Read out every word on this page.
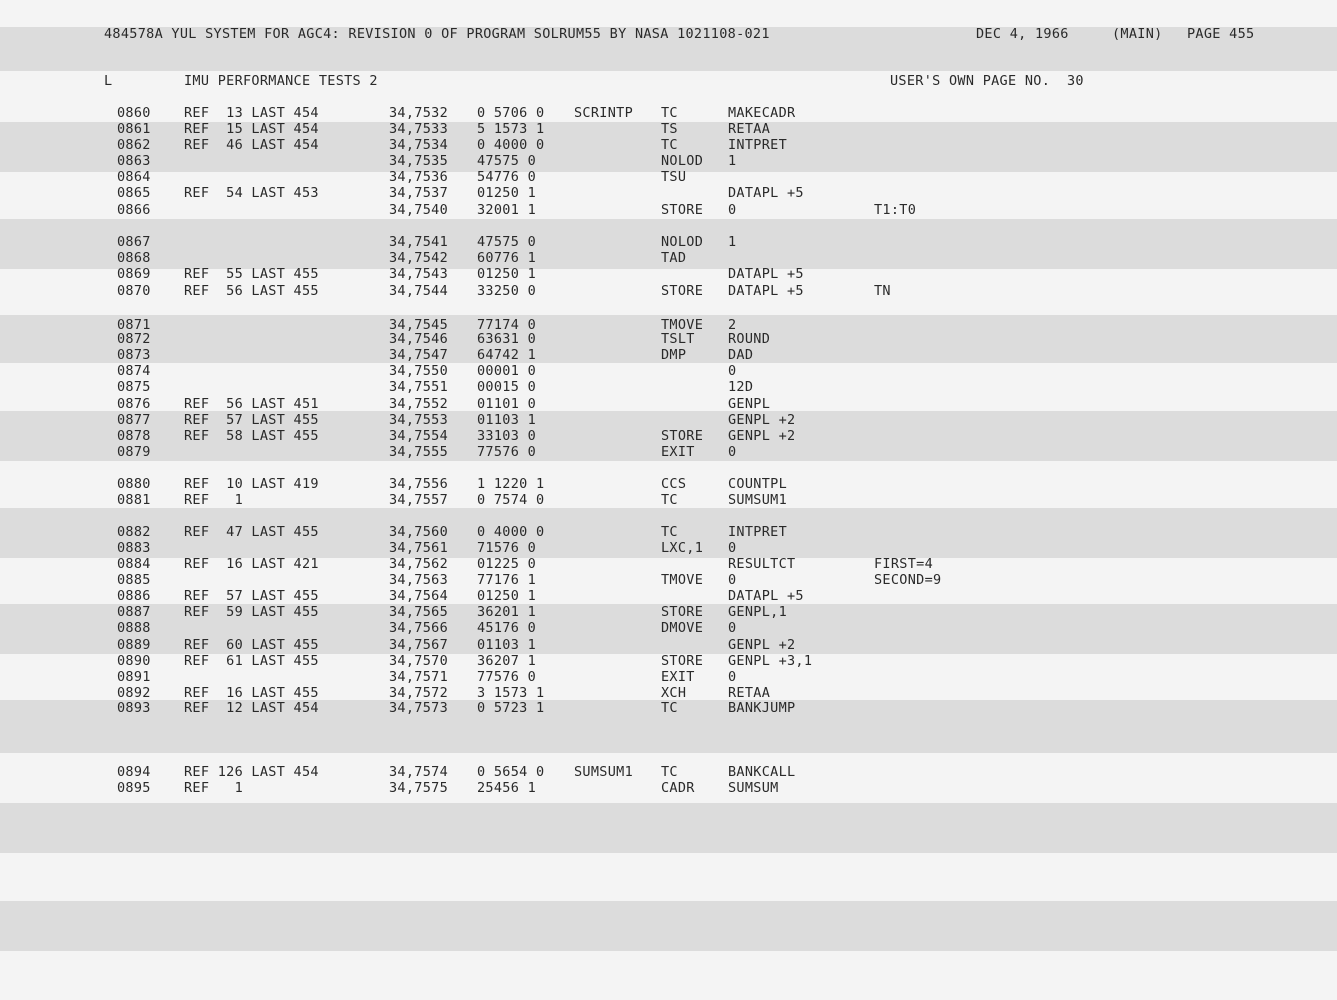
484578A YUL SYSTEM FOR AGC4: REVISION 0 OF PROGRAM SOLRUM55 BY NASA 1021108-021

	DEC 4, 1966

	(MAIN)

PAGE 455

L

	IMU PERFORMANCE TESTS 2

	USER'S OWN PAGE NO.  30

0860 REF  13 LAST 454	34,7532 0 5706 0 SCRINTP TC	MAKECADR
0861 REF  15 LAST 454	34,7533 5 1573 1	TS	RETAA
0862 REF  46 LAST 454	34,7534 0 4000 0	TC	INTPRET
0863	34,7535 47575 0	NOLOD 1
0864	34,7536 54776 0	TSU
0865 REF  54 LAST 453	34,7537 01250 1	DATAPL +5
0866	34,7540 32001 1	STORE 0	T1:T0
0867	34,7541 47575 0	NOLOD 1
0868	34,7542 60776 1	TAD
0869 REF  55 LAST 455	34,7543 01250 1	DATAPL +5
0870 REF  56 LAST 455	34,7544 33250 0	STORE DATAPL +5	TN
0871	34,7545 77174 0	TMOVE 2
0872	34,7546 63631 0	TSLT ROUND
0873	34,7547 64742 1	DMP	DAD
0874	34,7550 00001 0	0
0875	34,7551 00015 0	12D
0876 REF  56 LAST 451	34,7552 01101 0	GENPL
0877 REF  57 LAST 455	34,7553 01103 1	GENPL +2
0878 REF  58 LAST 455	34,7554 33103 0	STORE GENPL +2
0879	34,7555 77576 0	EXIT 0
0880 REF  10 LAST 419	34,7556 1 1220 1	CCS	COUNTPL
0881 REF   1	34,7557 0 7574 0	TC	SUMSUM1
0882 REF  47 LAST 455	34,7560 0 4000 0	TC	INTPRET
0883	34,7561 71576 0	LXC,1 0
0884 REF  16 LAST 421	34,7562 01225 0	RESULTCT	FIRST=4
0885	34,7563 77176 1	TMOVE 0	SECOND=9
0886 REF  57 LAST 455	34,7564 01250 1	DATAPL +5
0887 REF  59 LAST 455	34,7565 36201 1	STORE GENPL,1
0888	34,7566 45176 0	DMOVE 0
0889 REF  60 LAST 455	34,7567 01103 1	GENPL +2
0890 REF  61 LAST 455	34,7570 36207 1	STORE GENPL +3,1
0891	34,7571 77576 0	EXIT 0
0892 REF  16 LAST 455	34,7572 3 1573 1	XCH	RETAA
0893 REF  12 LAST 454	34,7573 0 5723 1	TC	BANKJUMP
0894 REF 126 LAST 454	34,7574 0 5654 0 SUMSUM1 TC	BANKCALL
0895 REF   1	34,7575 25456 1	CADR SUMSUM
